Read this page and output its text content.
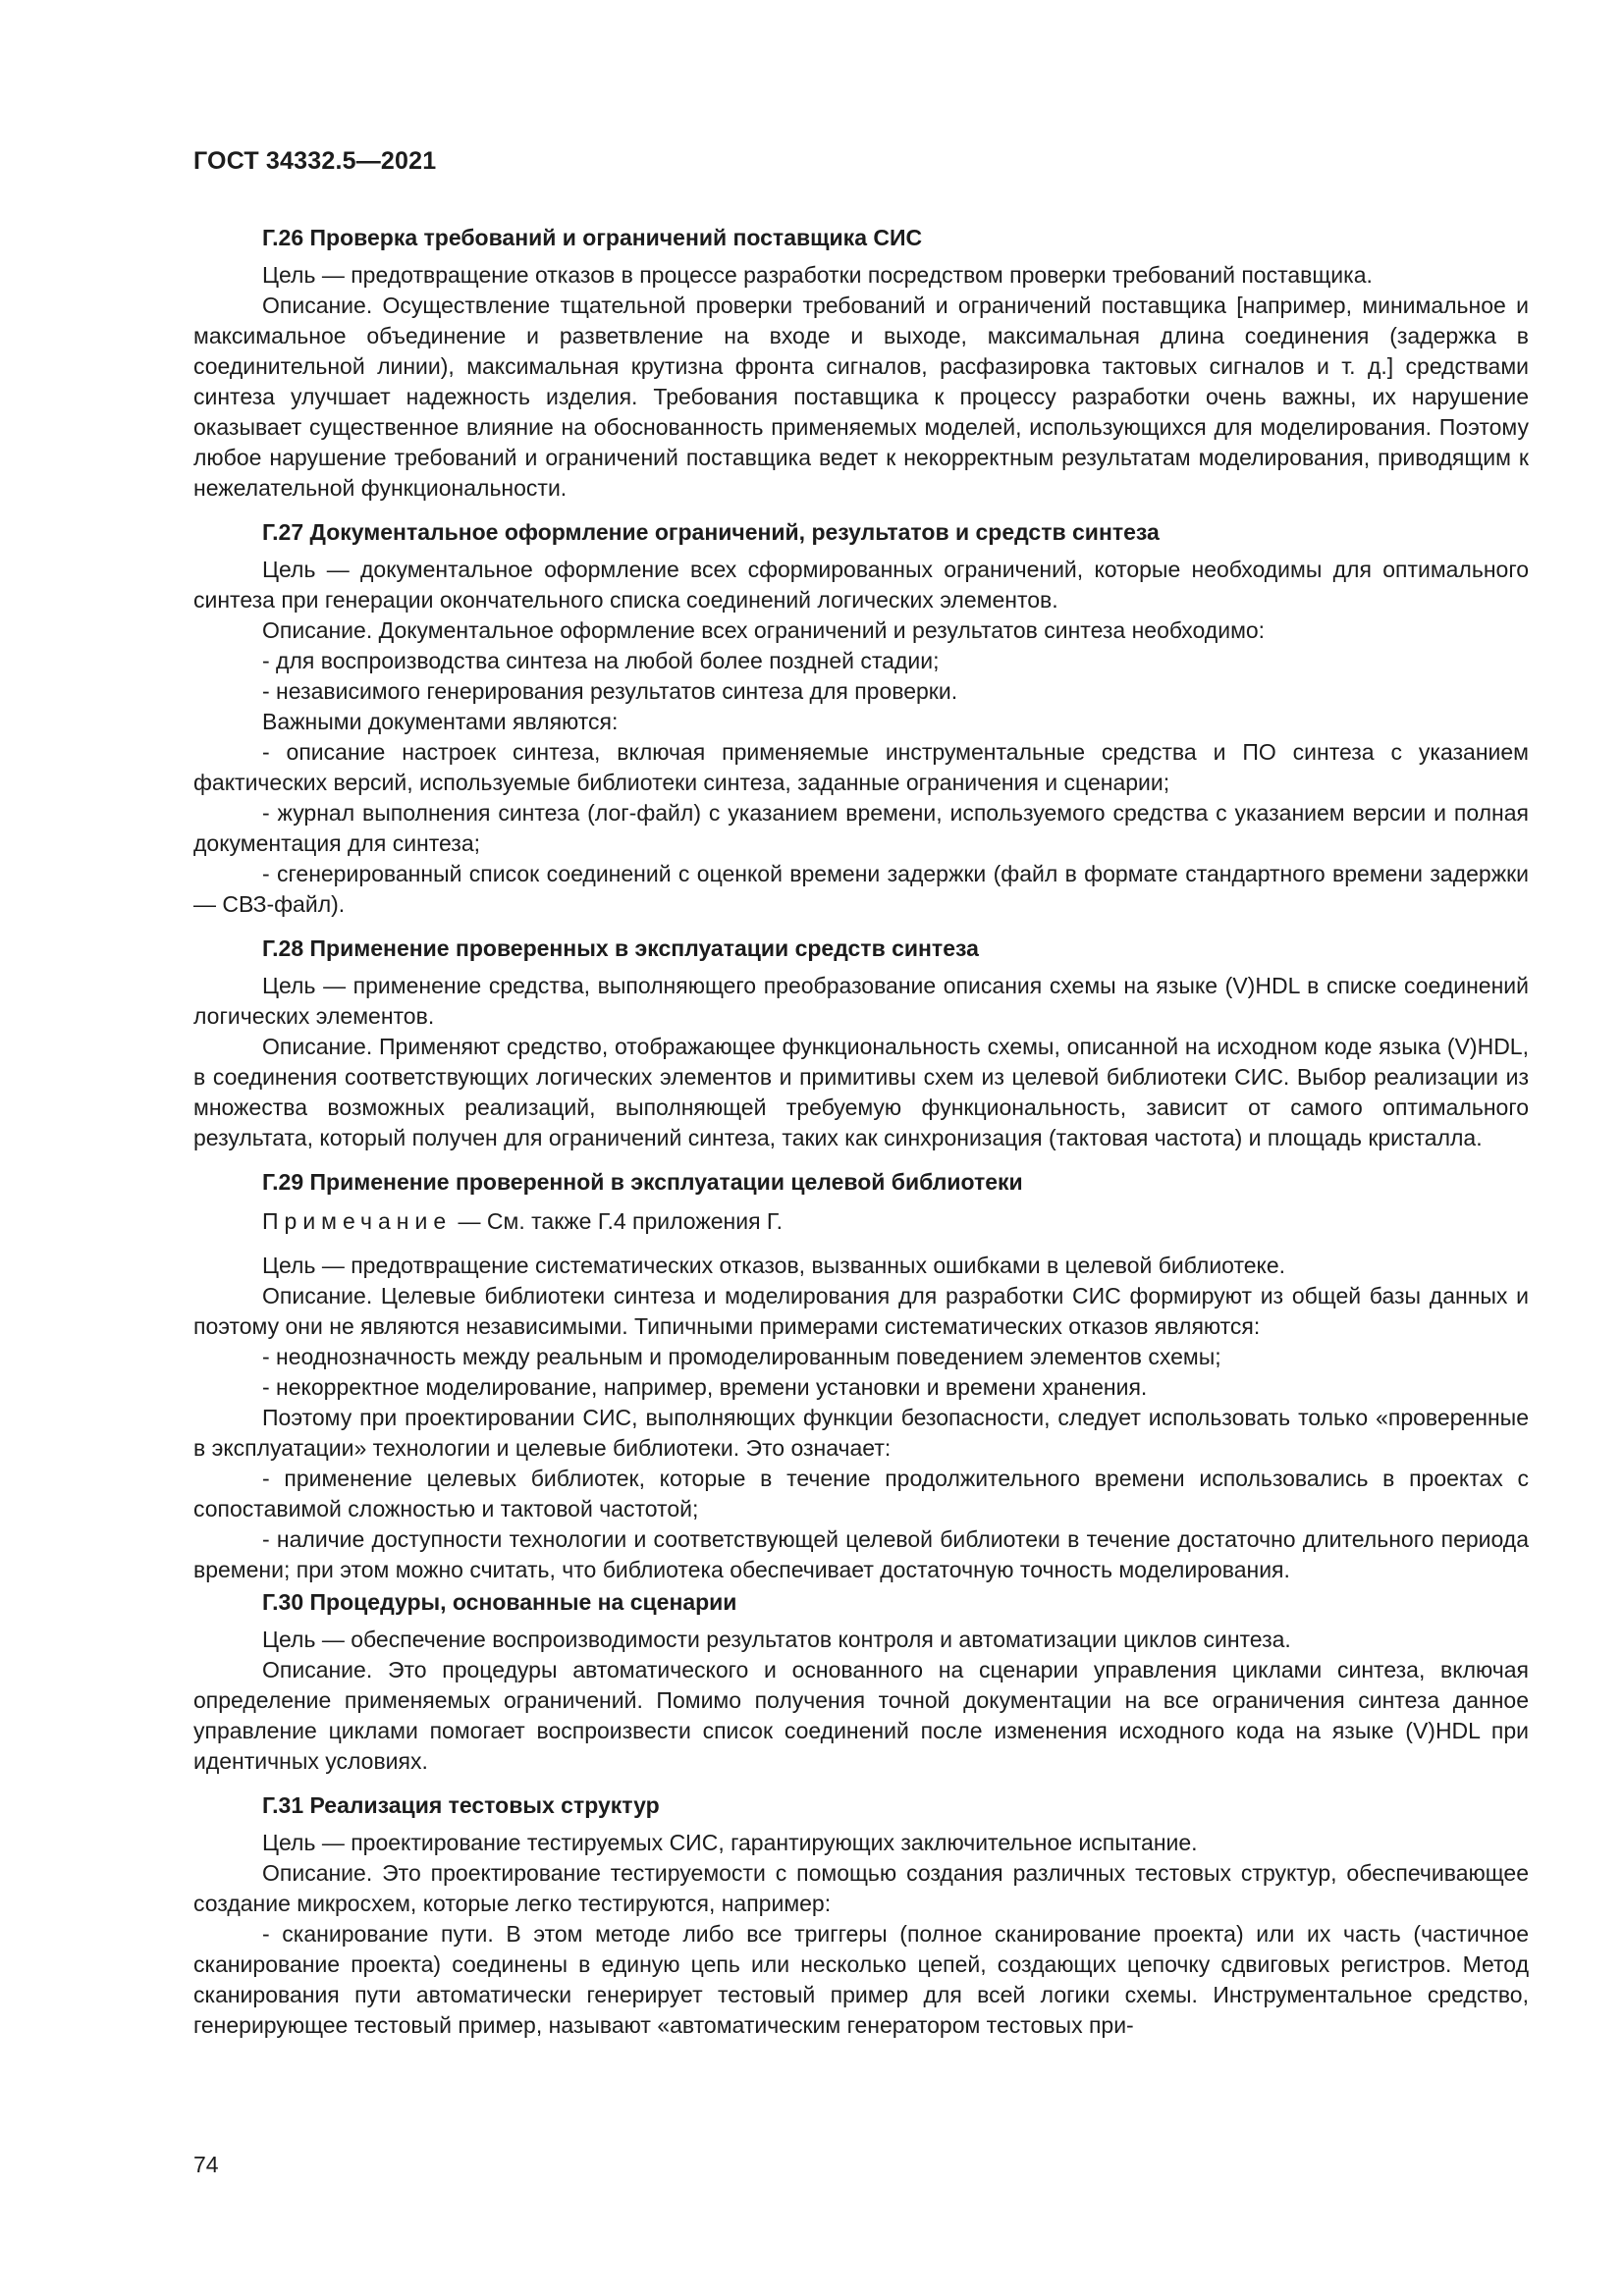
ГОСТ 34332.5—2021
Г.26 Проверка требований и ограничений поставщика СИС

Цель — предотвращение отказов в процессе разработки посредством проверки требований поставщика.

Описание. Осуществление тщательной проверки требований и ограничений поставщика [например, минимальное и максимальное объединение и разветвление на входе и выходе, максимальная длина соединения (задержка в соединительной линии), максимальная крутизна фронта сигналов, расфазировка тактовых сигналов и т. д.] средствами синтеза улучшает надежность изделия. Требования поставщика к процессу разработки очень важны, их нарушение оказывает существенное влияние на обоснованность применяемых моделей, использующихся для моделирования. Поэтому любое нарушение требований и ограничений поставщика ведет к некорректным результатам моделирования, приводящим к нежелательной функциональности.

Г.27 Документальное оформление ограничений, результатов и средств синтеза

Цель — документальное оформление всех сформированных ограничений, которые необходимы для оптимального синтеза при генерации окончательного списка соединений логических элементов.

Описание. Документальное оформление всех ограничений и результатов синтеза необходимо:

- для воспроизводства синтеза на любой более поздней стадии;

- независимого генерирования результатов синтеза для проверки.

Важными документами являются:

- описание настроек синтеза, включая применяемые инструментальные средства и ПО синтеза с указанием фактических версий, используемые библиотеки синтеза, заданные ограничения и сценарии;

- журнал выполнения синтеза (лог-файл) с указанием времени, используемого средства с указанием версии и полная документация для синтеза;

- сгенерированный список соединений с оценкой времени задержки (файл в формате стандартного времени задержки — СВЗ-файл).

Г.28 Применение проверенных в эксплуатации средств синтеза

Цель — применение средства, выполняющего преобразование описания схемы на языке (V)HDL в списке соединений логических элементов.

Описание. Применяют средство, отображающее функциональность схемы, описанной на исходном коде языка (V)HDL, в соединения соответствующих логических элементов и примитивы схем из целевой библиотеки СИС. Выбор реализации из множества возможных реализаций, выполняющей требуемую функциональность, зависит от самого оптимального результата, который получен для ограничений синтеза, таких как синхронизация (тактовая частота) и площадь кристалла.

Г.29 Применение проверенной в эксплуатации целевой библиотеки

Примечание — См. также Г.4 приложения Г.

Цель — предотвращение систематических отказов, вызванных ошибками в целевой библиотеке.

Описание. Целевые библиотеки синтеза и моделирования для разработки СИС формируют из общей базы данных и поэтому они не являются независимыми. Типичными примерами систематических отказов являются:

- неоднозначность между реальным и промоделированным поведением элементов схемы;

- некорректное моделирование, например, времени установки и времени хранения.

Поэтому при проектировании СИС, выполняющих функции безопасности, следует использовать только «проверенные в эксплуатации» технологии и целевые библиотеки. Это означает:

- применение целевых библиотек, которые в течение продолжительного времени использовались в проектах с сопоставимой сложностью и тактовой частотой;

- наличие доступности технологии и соответствующей целевой библиотеки в течение достаточно длительного периода времени; при этом можно считать, что библиотека обеспечивает достаточную точность моделирования.

Г.30 Процедуры, основанные на сценарии

Цель — обеспечение воспроизводимости результатов контроля и автоматизации циклов синтеза.

Описание. Это процедуры автоматического и основанного на сценарии управления циклами синтеза, включая определение применяемых ограничений. Помимо получения точной документации на все ограничения синтеза данное управление циклами помогает воспроизвести список соединений после изменения исходного кода на языке (V)HDL при идентичных условиях.

Г.31 Реализация тестовых структур

Цель — проектирование тестируемых СИС, гарантирующих заключительное испытание.

Описание. Это проектирование тестируемости с помощью создания различных тестовых структур, обеспечивающее создание микросхем, которые легко тестируются, например:

- сканирование пути. В этом методе либо все триггеры (полное сканирование проекта) или их часть (частичное сканирование проекта) соединены в единую цепь или несколько цепей, создающих цепочку сдвиговых регистров. Метод сканирования пути автоматически генерирует тестовый пример для всей логики схемы. Инструментальное средство, генерирующее тестовый пример, называют «автоматическим генератором тестовых при-

74
